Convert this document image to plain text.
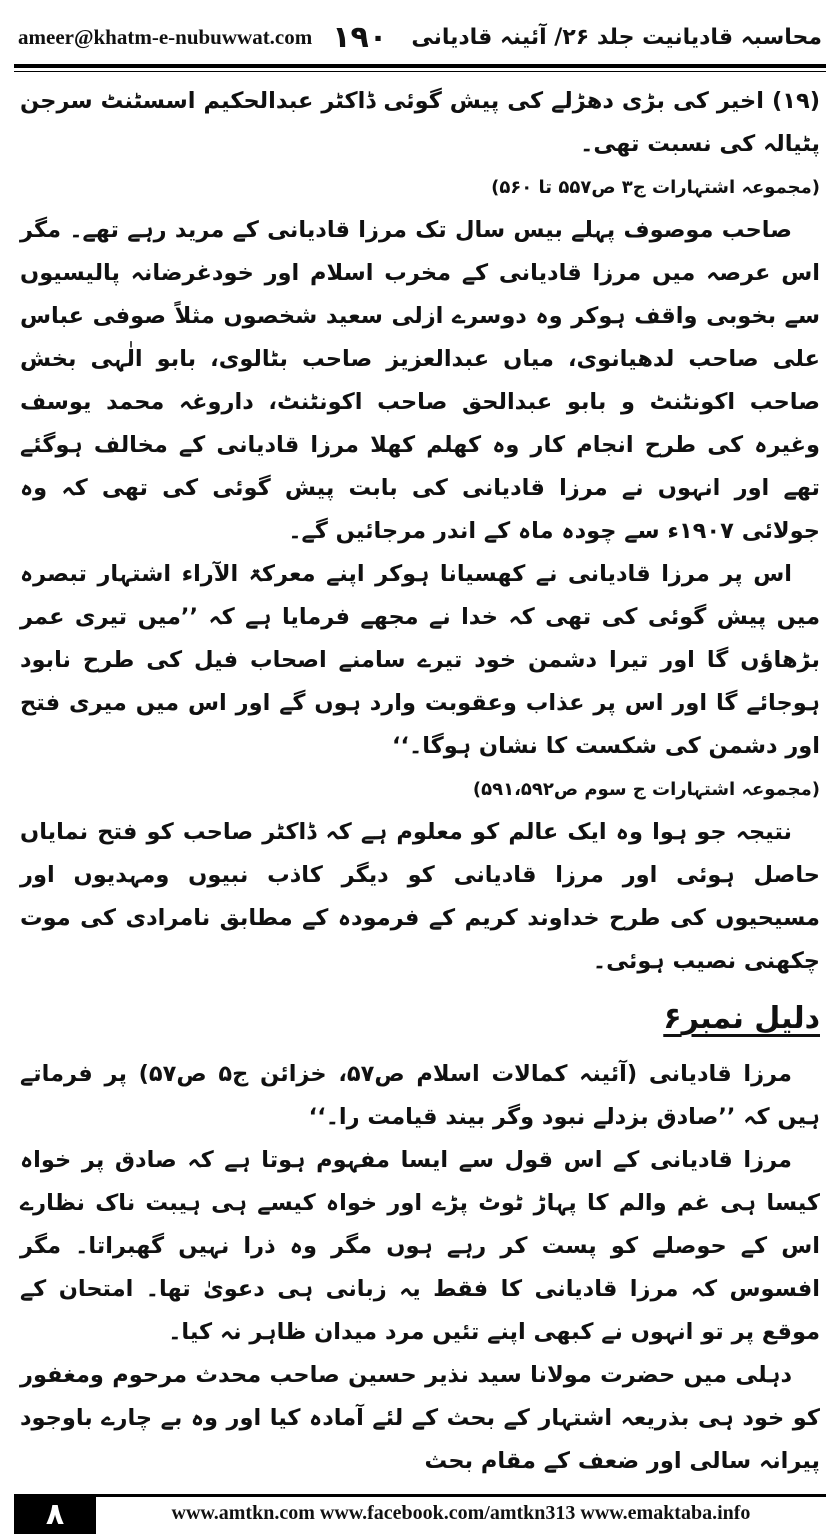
ameer@khatm-e-nubuwwat.com ۱۹۰ محاسبہ قادیانیت جلد ۲۶/ آئینہ قادیانی

(۱۹) اخیر کی بڑی دھڑلے کی پیش گوئی ڈاکٹر عبدالحکیم اسسٹنٹ سرجن پٹیالہ کی نسبت تھی۔

(مجموعہ اشتہارات ج۳ ص۵۵۷ تا ۵۶۰)

صاحب موصوف پہلے بیس سال تک مرزا قادیانی کے مرید رہے تھے۔ مگر اس عرصہ میں مرزا قادیانی کے مخرب اسلام اور خودغرضانہ پالیسیوں سے بخوبی واقف ہوکر وہ دوسرے ازلی سعید شخصوں مثلاً صوفی عباس علی صاحب لدھیانوی، میاں عبدالعزیز صاحب بٹالوی، بابو الٰہی بخش صاحب اکونٹنٹ و بابو عبدالحق صاحب اکونٹنٹ، داروغہ محمد یوسف وغیرہ کی طرح انجام کار وہ کھلم کھلا مرزا قادیانی کے مخالف ہوگئے تھے اور انہوں نے مرزا قادیانی کی بابت پیش گوئی کی تھی کہ وہ جولائی ۱۹۰۷ء سے چودہ ماہ کے اندر مرجائیں گے۔

اس پر مرزا قادیانی نے کھسیانا ہوکر اپنے معرکۃ الآراء اشتہار تبصرہ میں پیش گوئی کی تھی کہ خدا نے مجھے فرمایا ہے کہ ’’میں تیری عمر بڑھاؤں گا اور تیرا دشمن خود تیرے سامنے اصحاب فیل کی طرح نابود ہوجائے گا اور اس پر عذاب وعقوبت وارد ہوں گے اور اس میں میری فتح اور دشمن کی شکست کا نشان ہوگا۔‘‘

(مجموعہ اشتہارات ج سوم ص۵۹۱،۵۹۲)

نتیجہ جو ہوا وہ ایک عالم کو معلوم ہے کہ ڈاکٹر صاحب کو فتح نمایاں حاصل ہوئی اور مرزا قادیانی کو دیگر کاذب نبیوں ومہدیوں اور مسیحیوں کی طرح خداوند کریم کے فرمودہ کے مطابق نامرادی کی موت چکھنی نصیب ہوئی۔

دلیل نمبر۶

مرزا قادیانی (آئینہ کمالات اسلام ص۵۷، خزائن ج۵ ص۵۷) پر فرماتے ہیں کہ ’’صادق بزدلے نبود وگر بیند قیامت را۔‘‘

مرزا قادیانی کے اس قول سے ایسا مفہوم ہوتا ہے کہ صادق پر خواہ کیسا ہی غم والم کا پہاڑ ٹوٹ پڑے اور خواہ کیسے ہی ہیبت ناک نظارے اس کے حوصلے کو پست کر رہے ہوں مگر وہ ذرا نہیں گھبراتا۔ مگر افسوس کہ مرزا قادیانی کا فقط یہ زبانی ہی دعویٰ تھا۔ امتحان کے موقع پر تو انہوں نے کبھی اپنے تئیں مرد میدان ظاہر نہ کیا۔

دہلی میں حضرت مولانا سید نذیر حسین صاحب محدث مرحوم ومغفور کو خود ہی بذریعہ اشتہار کے بحث کے لئے آمادہ کیا اور وہ بے چارے باوجود پیرانہ سالی اور ضعف کے مقام بحث

۸	www.amtkn.com www.facebook.com/amtkn313 www.emaktaba.info
